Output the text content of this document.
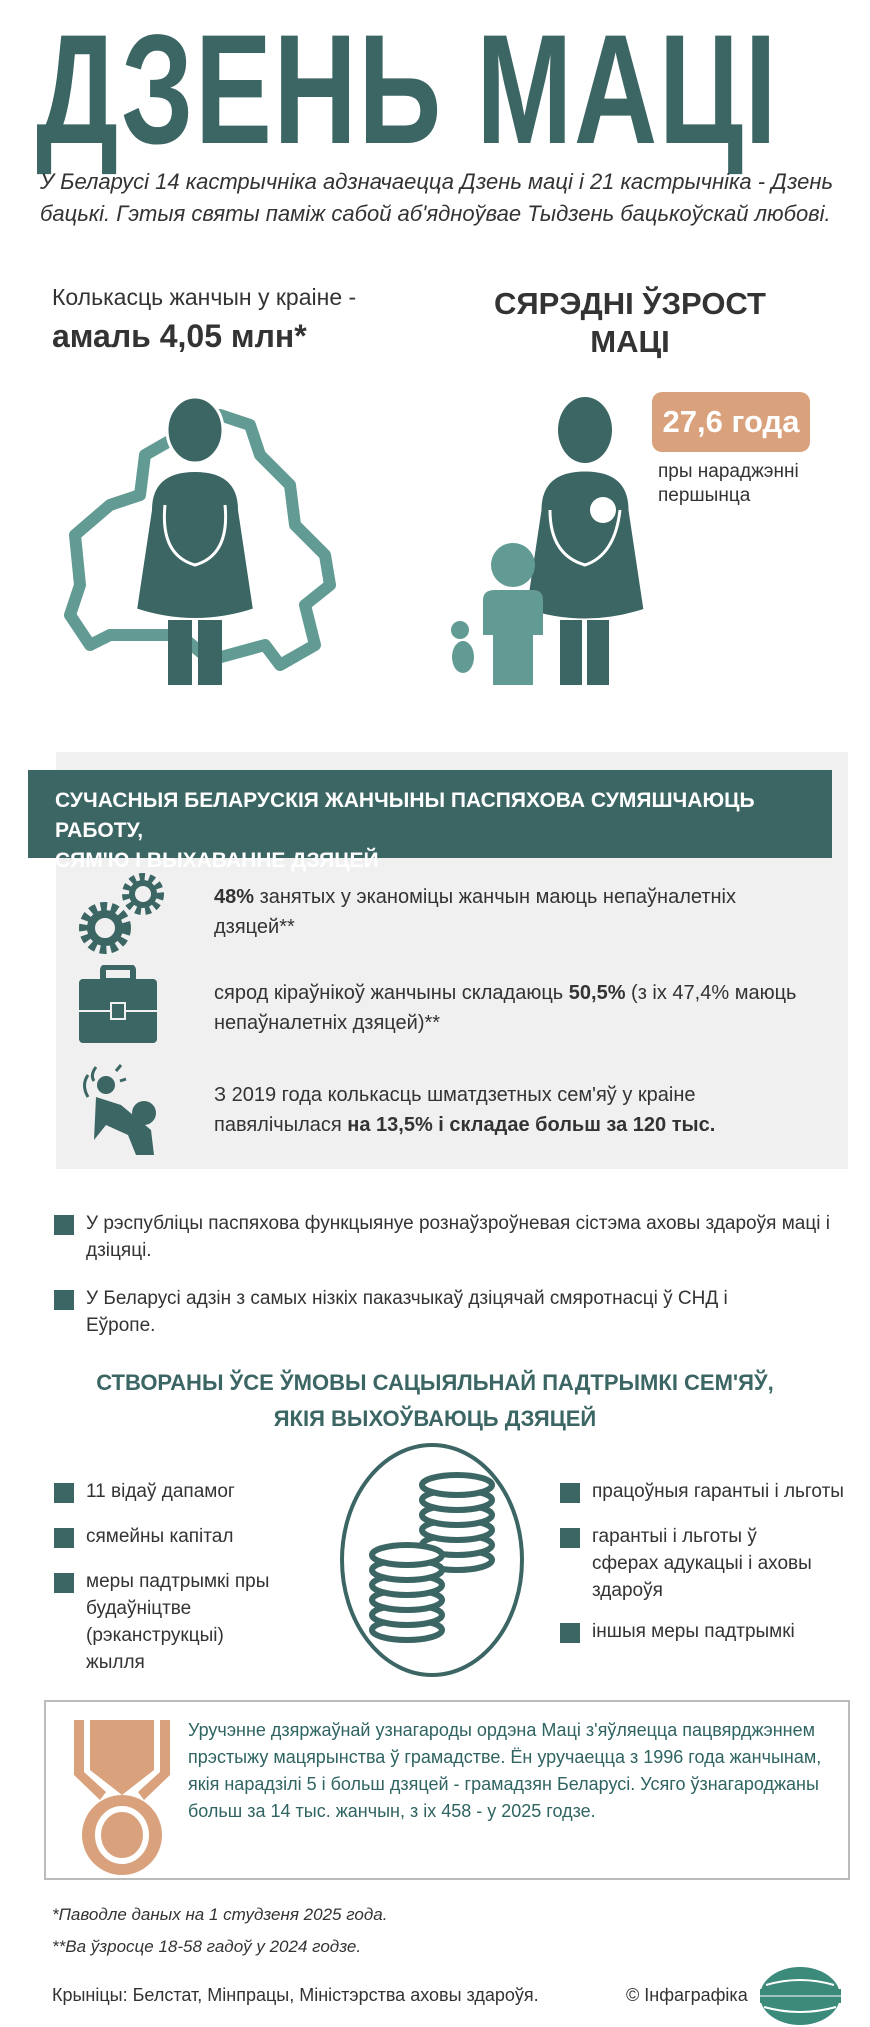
ДЗЕНЬ МАЦІ
У Беларусі 14 кастрычніка адзначаецца Дзень маці і 21 кастрычніка - Дзень бацькі. Гэтыя святы паміж сабой аб'ядноўвае Тыдзень бацькоўскай любові.
Колькасць жанчын у краіне -
амаль 4,05 млн*
СЯРЭДНІ ЎЗРОСТ
МАЦІ
27,6 года
пры нараджэнні
першынца
СУЧАСНЫЯ БЕЛАРУСКІЯ ЖАНЧЫНЫ ПАСПЯХОВА СУМЯШЧАЮЦЬ РАБОТУ,
СЯМ'Ю І ВЫХАВАННЕ ДЗЯЦЕЙ
48% занятых у эканоміцы жанчын маюць непаўналетніх дзяцей**
сярод кіраўнікоў жанчыны складаюць 50,5% (з іх 47,4% маюць непаўналетніх дзяцей)**
З 2019 года колькасць шматдзетных сем'яў у краіне павялічылася на 13,5% і складае больш за 120 тыс.
У рэспубліцы паспяхова функцыянуе рознаўзроўневая сістэма аховы здароўя маці і дзіцяці.
У Беларусі адзін з самых нізкіх паказчыкаў дзіцячай смяротнасці ў СНД і Еўропе.
СТВОРАНЫ ЎСЕ ЎМОВЫ САЦЫЯЛЬНАЙ ПАДТРЫМКІ СЕМ'ЯЎ,
ЯКІЯ ВЫХОЎВАЮЦЬ ДЗЯЦЕЙ
11 відаў дапамог
сямейны капітал
меры падтрымкі пры будаўніцтве (рэканструкцыі) жылля
працоўныя гарантыі і льготы
гарантыі і льготы ў сферах адукацыі і аховы здароўя
іншыя меры падтрымкі
Уручэнне дзяржаўнай узнагароды ордэна Маці з'яўляецца пацвярджэннем прэстыжу мацярынства ў грамадстве. Ён уручаецца з 1996 года жанчынам, якія нарадзілі 5 і больш дзяцей - грамадзян Беларусі. Усяго ўзнагароджаны больш за 14 тыс. жанчын, з іх 458 - у 2025 годзе.
*Паводле даных на 1 студзеня 2025 года.
**Ва ўзросце 18-58 гадоў у 2024 годзе.
Крыніцы: Белстат, Мінпрацы, Міністэрства аховы здароўя.	© Інфаграфіка
